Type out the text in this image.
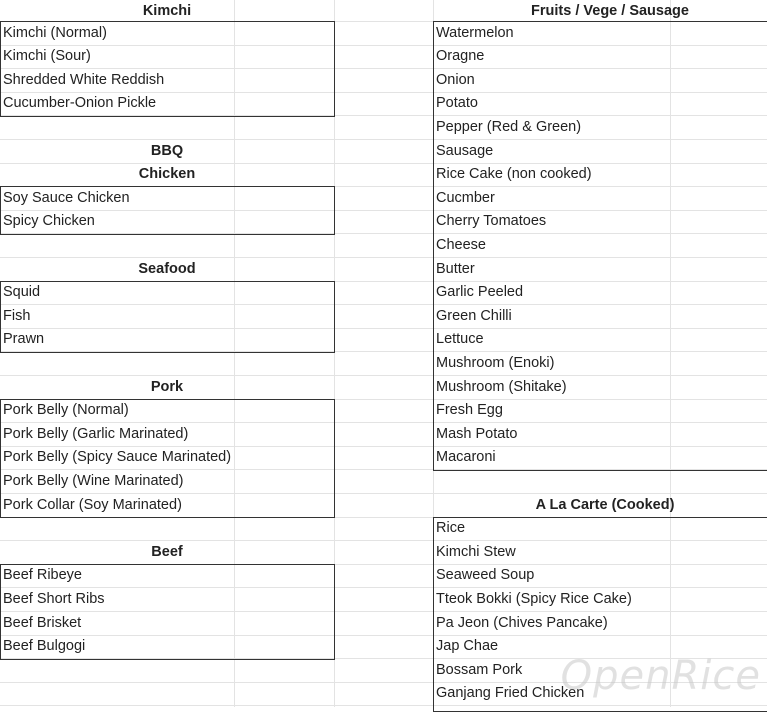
Kimchi
Kimchi (Normal)
Kimchi (Sour)
Shredded White Reddish
Cucumber-Onion Pickle
BBQ
Chicken
Soy Sauce Chicken
Spicy Chicken
Seafood
Squid
Fish
Prawn
Pork
Pork Belly (Normal)
Pork Belly (Garlic Marinated)
Pork Belly (Spicy Sauce Marinated)
Pork Belly (Wine Marinated)
Pork Collar (Soy Marinated)
Beef
Beef Ribeye
Beef Short Ribs
Beef Brisket
Beef Bulgogi
Fruits / Vege / Sausage
Watermelon
Oragne
Onion
Potato
Pepper (Red & Green)
Sausage
Rice Cake (non cooked)
Cucmber
Cherry Tomatoes
Cheese
Butter
Garlic Peeled
Green Chilli
Lettuce
Mushroom (Enoki)
Mushroom (Shitake)
Fresh Egg
Mash Potato
Macaroni
A La Carte (Cooked)
Rice
Kimchi Stew
Seaweed Soup
Tteok Bokki (Spicy Rice Cake)
Pa Jeon (Chives Pancake)
Jap Chae
Bossam Pork
Ganjang Fried Chicken
OpenRice
